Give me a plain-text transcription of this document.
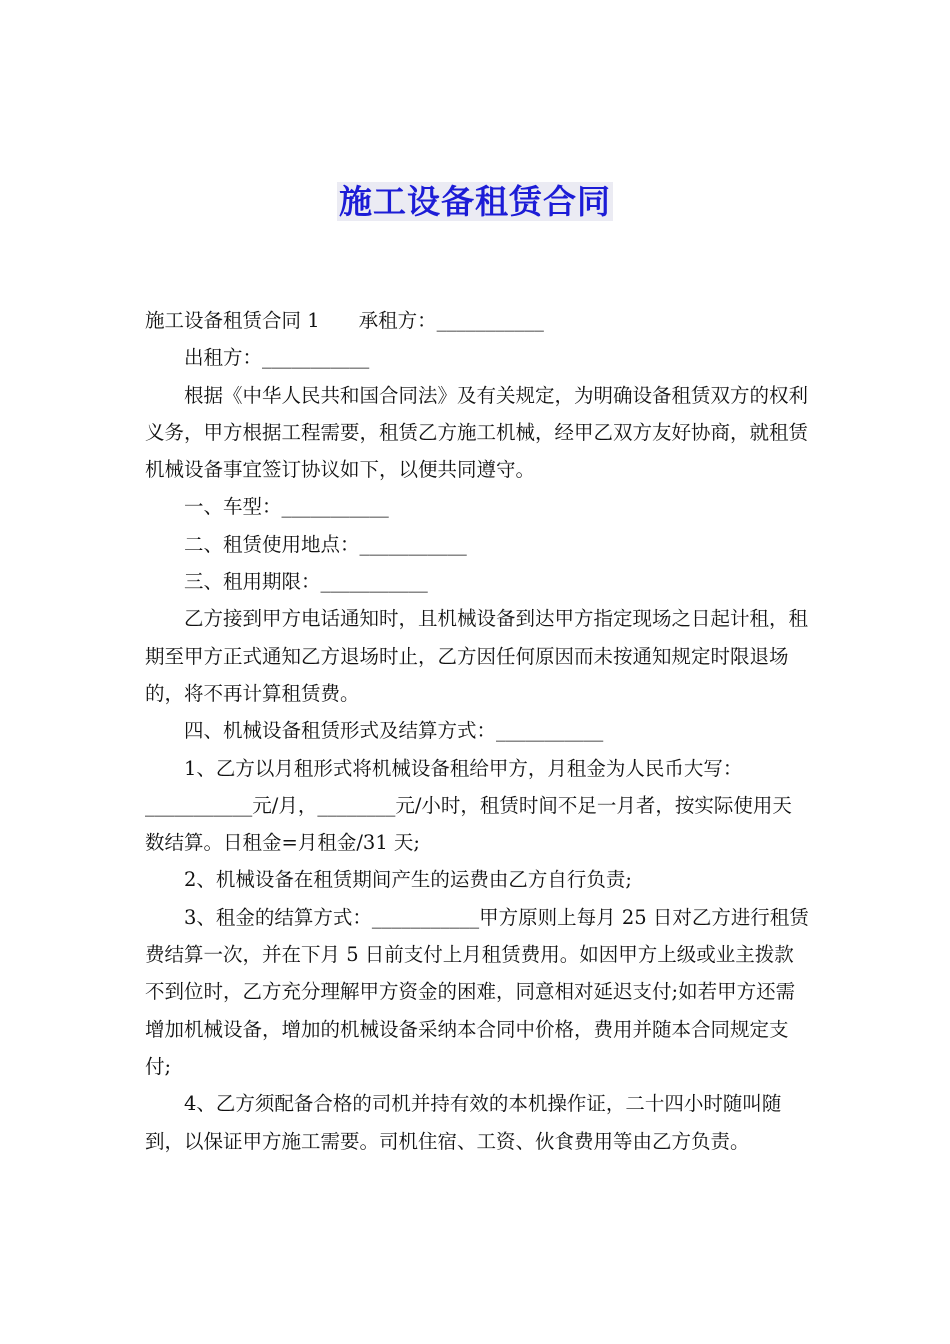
施工设备租赁合同

施工设备租赁合同 1　　承租方：___________

出租方：___________

根据《中华人民共和国合同法》及有关规定，为明确设备租赁双方的权利义务，甲方根据工程需要，租赁乙方施工机械，经甲乙双方友好协商，就租赁机械设备事宜签订协议如下，以便共同遵守。

一、车型：___________

二、租赁使用地点：___________

三、租用期限：___________

乙方接到甲方电话通知时，且机械设备到达甲方指定现场之日起计租，租期至甲方正式通知乙方退场时止，乙方因任何原因而未按通知规定时限退场的，将不再计算租赁费。

四、机械设备租赁形式及结算方式：___________

1、乙方以月租形式将机械设备租给甲方，月租金为人民币大写：___________元/月，________元/小时，租赁时间不足一月者，按实际使用天数结算。日租金=月租金/31 天;

2、机械设备在租赁期间产生的运费由乙方自行负责;

3、租金的结算方式：___________甲方原则上每月 25 日对乙方进行租赁费结算一次，并在下月 5 日前支付上月租赁费用。如因甲方上级或业主拨款不到位时，乙方充分理解甲方资金的困难，同意相对延迟支付;如若甲方还需增加机械设备，增加的机械设备采纳本合同中价格，费用并随本合同规定支付;

4、乙方须配备合格的司机并持有效的本机操作证，二十四小时随叫随到，以保证甲方施工需要。司机住宿、工资、伙食费用等由乙方负责。
